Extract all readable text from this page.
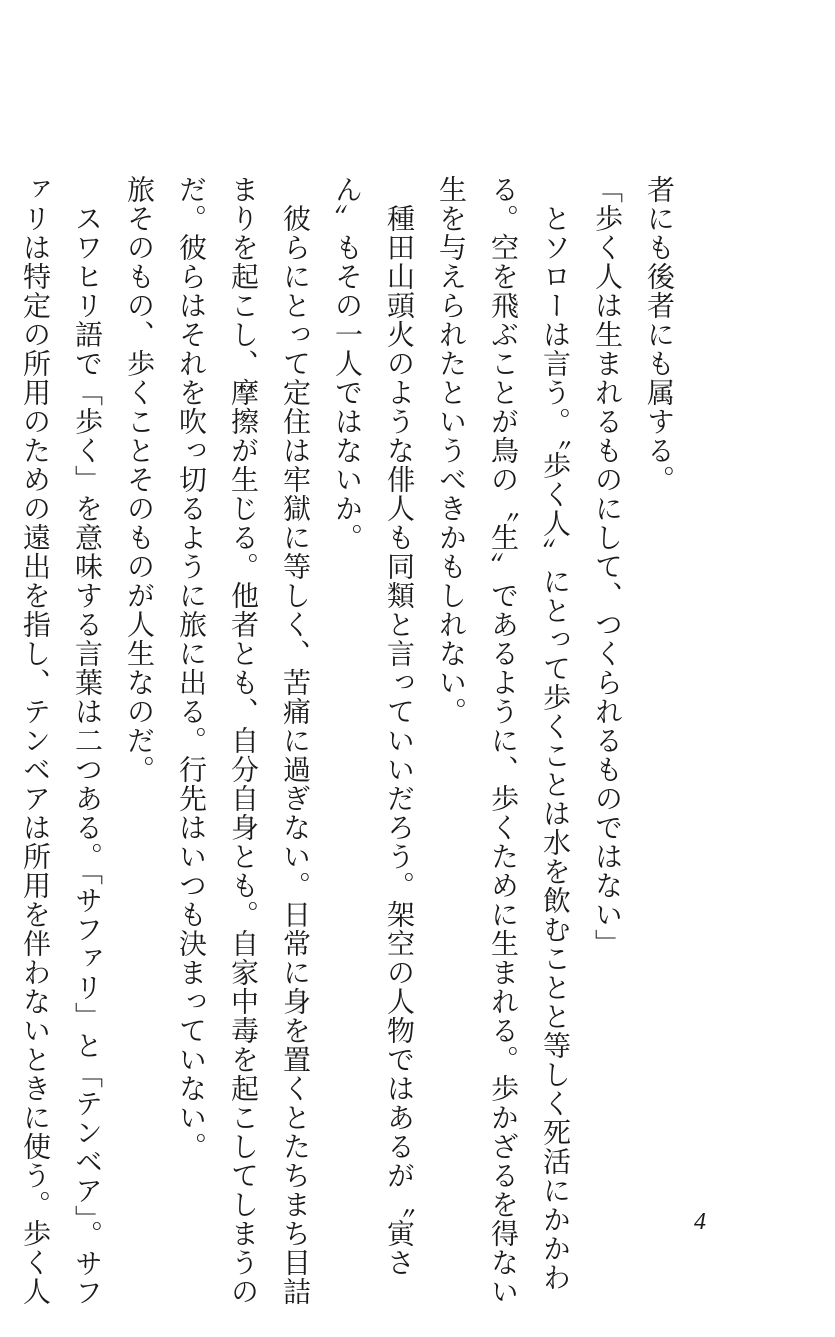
者にも後者にも属する。

「歩く人は生まれるものにして、つくられるものではない」

　とソローは言う。〝歩く人〟にとって歩くことは水を飲むことと等しく死活にかかわ

る。空を飛ぶことが鳥の〝生〟であるように、歩くために生まれる。歩かざるを得ない

生を与えられたというべきかもしれない。

　種田山頭火のような俳人も同類と言っていいだろう。架空の人物ではあるが〝寅さ

ん〟もその一人ではないか。

　彼らにとって定住は牢獄に等しく、苦痛に過ぎない。日常に身を置くとたちまち目詰

まりを起こし、摩擦が生じる。他者とも、自分自身とも。自家中毒を起こしてしまうの

だ。彼らはそれを吹っ切るように旅に出る。行先はいつも決まっていない。

旅そのもの、歩くことそのものが人生なのだ。

　スワヒリ語で「歩く」を意味する言葉は二つある。「サファリ」と「テンベア」。サフ

ァリは特定の所用のための遠出を指し、テンベアは所用を伴わないときに使う。歩く人	4
